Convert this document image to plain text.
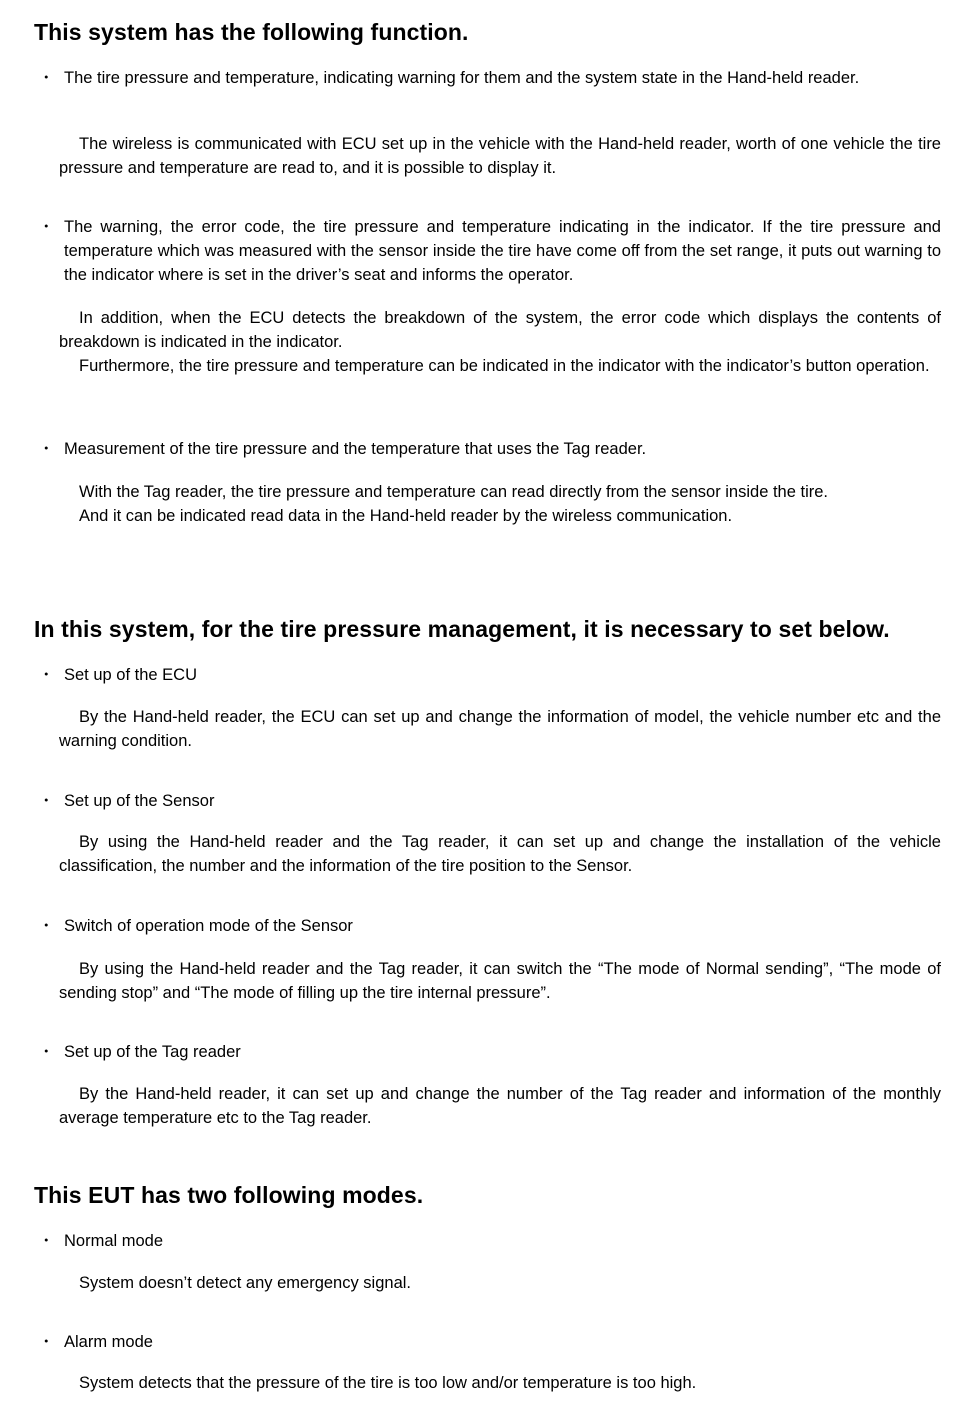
This system has the following function.
・ The tire pressure and temperature, indicating warning for them and the system state in the Hand-held reader.
The wireless is communicated with ECU set up in the vehicle with the Hand-held reader, worth of one vehicle the tire pressure and temperature are read to, and it is possible to display it.
・ The warning, the error code, the tire pressure and temperature indicating in the indicator. If the tire pressure and temperature which was measured with the sensor inside the tire have come off from the set range, it puts out warning to the indicator where is set in the driver’s seat and informs the operator.
In addition, when the ECU detects the breakdown of the system, the error code which displays the contents of breakdown is indicated in the indicator.
Furthermore, the tire pressure and temperature can be indicated in the indicator with the indicator’s button operation.
・ Measurement of the tire pressure and the temperature that uses the Tag reader.
With the Tag reader, the tire pressure and temperature can read directly from the sensor inside the tire.
And it can be indicated read data in the Hand-held reader by the wireless communication.
In this system, for the tire pressure management, it is necessary to set below.
・ Set up of the ECU
By the Hand-held reader, the ECU can set up and change the information of model, the vehicle number etc and the warning condition.
・ Set up of the Sensor
By using the Hand-held reader and the Tag reader, it can set up and change the installation of the vehicle classification, the number and the information of the tire position to the Sensor.
・ Switch of operation mode of the Sensor
By using the Hand-held reader and the Tag reader, it can switch the “The mode of Normal sending”, “The mode of sending stop” and “The mode of filling up the tire internal pressure”.
・ Set up of the Tag reader
By the Hand-held reader, it can set up and change the number of the Tag reader and information of the monthly average temperature etc to the Tag reader.
This EUT has two following modes.
・ Normal mode
System doesn’t detect any emergency signal.
・ Alarm mode
System detects that the pressure of the tire is too low and/or temperature is too high.
